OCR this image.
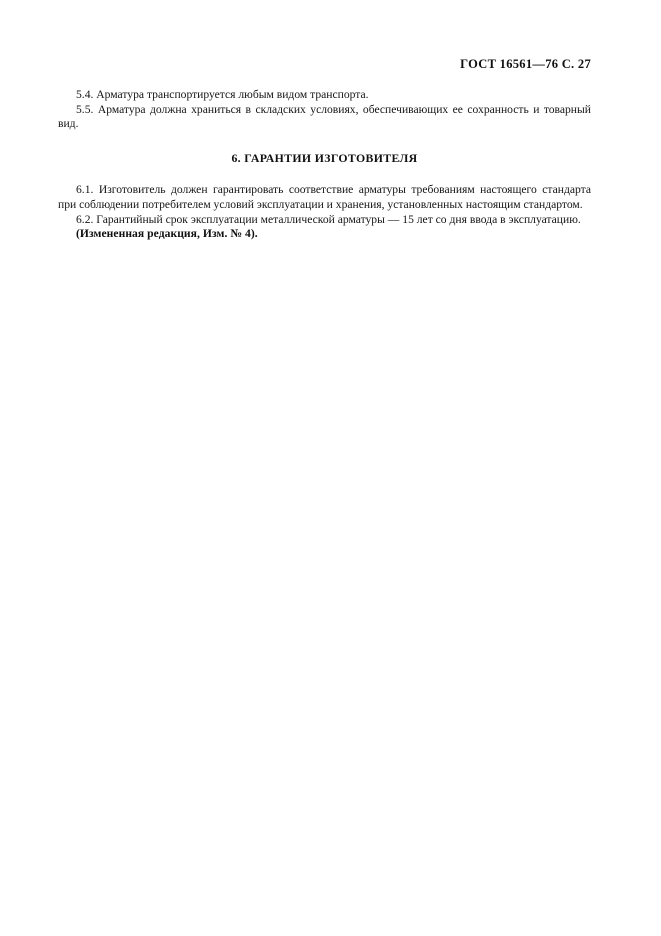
ГОСТ 16561—76 С. 27

5.4. Арматура транспортируется любым видом транспорта.

5.5. Арматура должна храниться в складских условиях, обеспечивающих ее сохранность и товарный вид.

6. ГАРАНТИИ ИЗГОТОВИТЕЛЯ

6.1. Изготовитель должен гарантировать соответствие арматуры требованиям настоящего стандарта при соблюдении потребителем условий эксплуатации и хранения, установленных настоящим стандартом.

6.2. Гарантийный срок эксплуатации металлической арматуры — 15 лет со дня ввода в эксплуатацию.

(Измененная редакция, Изм. № 4).
